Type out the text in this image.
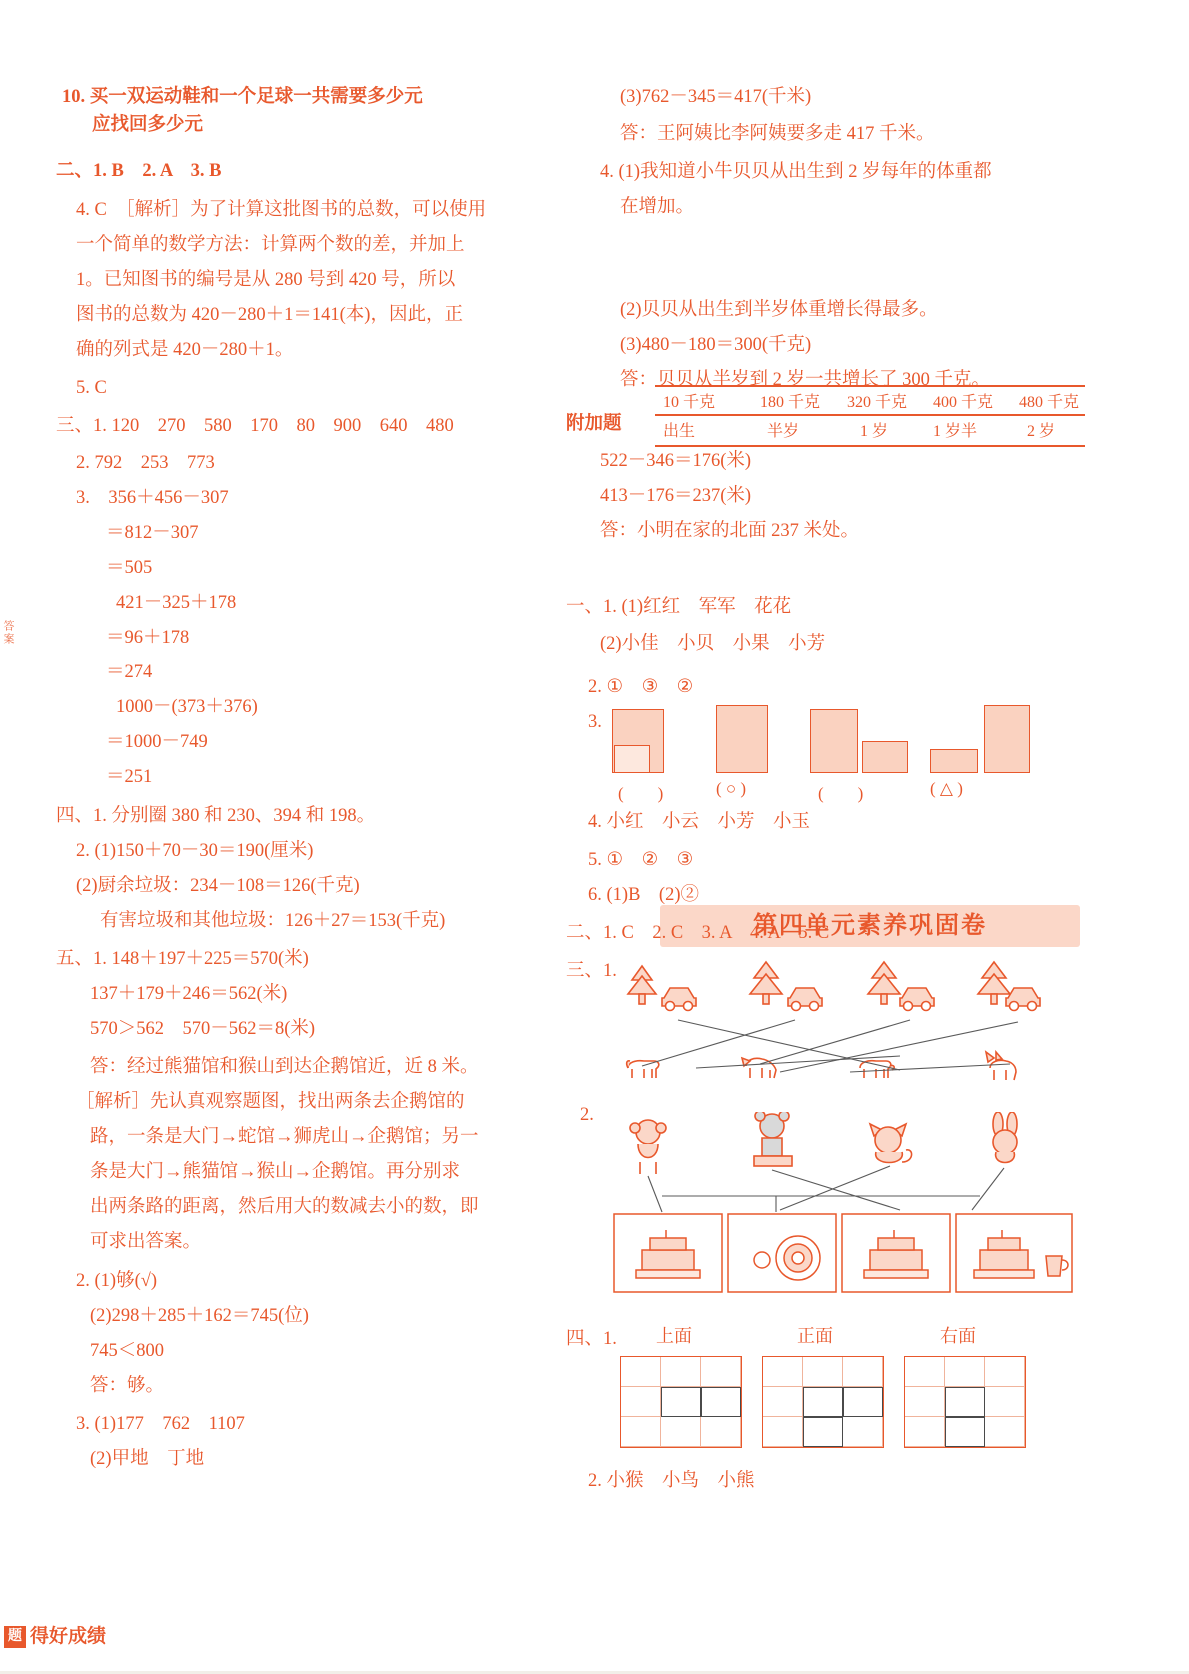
10. 买一双运动鞋和一个足球一共需要多少元
应找回多少元
二、1. B　2. A　3. B
4. C　［解析］为了计算这批图书的总数，可以使用
一个简单的数学方法：计算两个数的差，并加上
1。已知图书的编号是从 280 号到 420 号，所以
图书的总数为 420－280＋1＝141(本)，因此，正
确的列式是 420－280＋1。
5. C
三、1. 120　270　580　170　80　900　640　480
2. 792　253　773
3.　356＋456－307
＝812－307
＝505
421－325＋178
＝96＋178
＝274
1000－(373＋376)
＝1000－749
＝251
四、1. 分别圈 380 和 230、394 和 198。
2. (1)150＋70－30＝190(厘米)
(2)厨余垃圾：234－108＝126(千克)
有害垃圾和其他垃圾：126＋27＝153(千克)
五、1. 148＋197＋225＝570(米)
137＋179＋246＝562(米)
570＞562　570－562＝8(米)
答：经过熊猫馆和猴山到达企鹅馆近，近 8 米。
［解析］先认真观察题图，找出两条去企鹅馆的
路，一条是大门→蛇馆→狮虎山→企鹅馆；另一
条是大门→熊猫馆→猴山→企鹅馆。再分别求
出两条路的距离，然后用大的数减去小的数，即
可求出答案。
2. (1)够(√)
(2)298＋285＋162＝745(位)
745＜800
答：够。
3. (1)177　762　1107
(2)甲地　丁地
(3)762－345＝417(千米)
答：王阿姨比李阿姨要多走 417 千米。
4. (1)我知道小牛贝贝从出生到 2 岁每年的体重都
在增加。
10 千克	180 千克 320 千克 400 千克 480 千克
出生	半岁	1 岁	1 岁半	2 岁
(2)贝贝从出生到半岁体重增长得最多。
(3)480－180＝300(千克)
答：贝贝从半岁到 2 岁一共增长了 300 千克。
附加题
522－346＝176(米)
413－176＝237(米)
答：小明在家的北面 237 米处。
第四单元素养巩固卷
一、1. (1)红红　军军　花花
(2)小佳　小贝　小果　小芳
2. ①　③　②
3.
(　　)	( ○ )	(　　)	( △ )
4. 小红　小云　小芳　小玉
5. ①　②　③
6. (1)B　(2)②
二、1. C　2. C　3. A　4. A　5. C
三、1.
2.
四、1. 上面	正面	右面
2. 小猴　小鸟　小熊
答案
题 得好成绩
